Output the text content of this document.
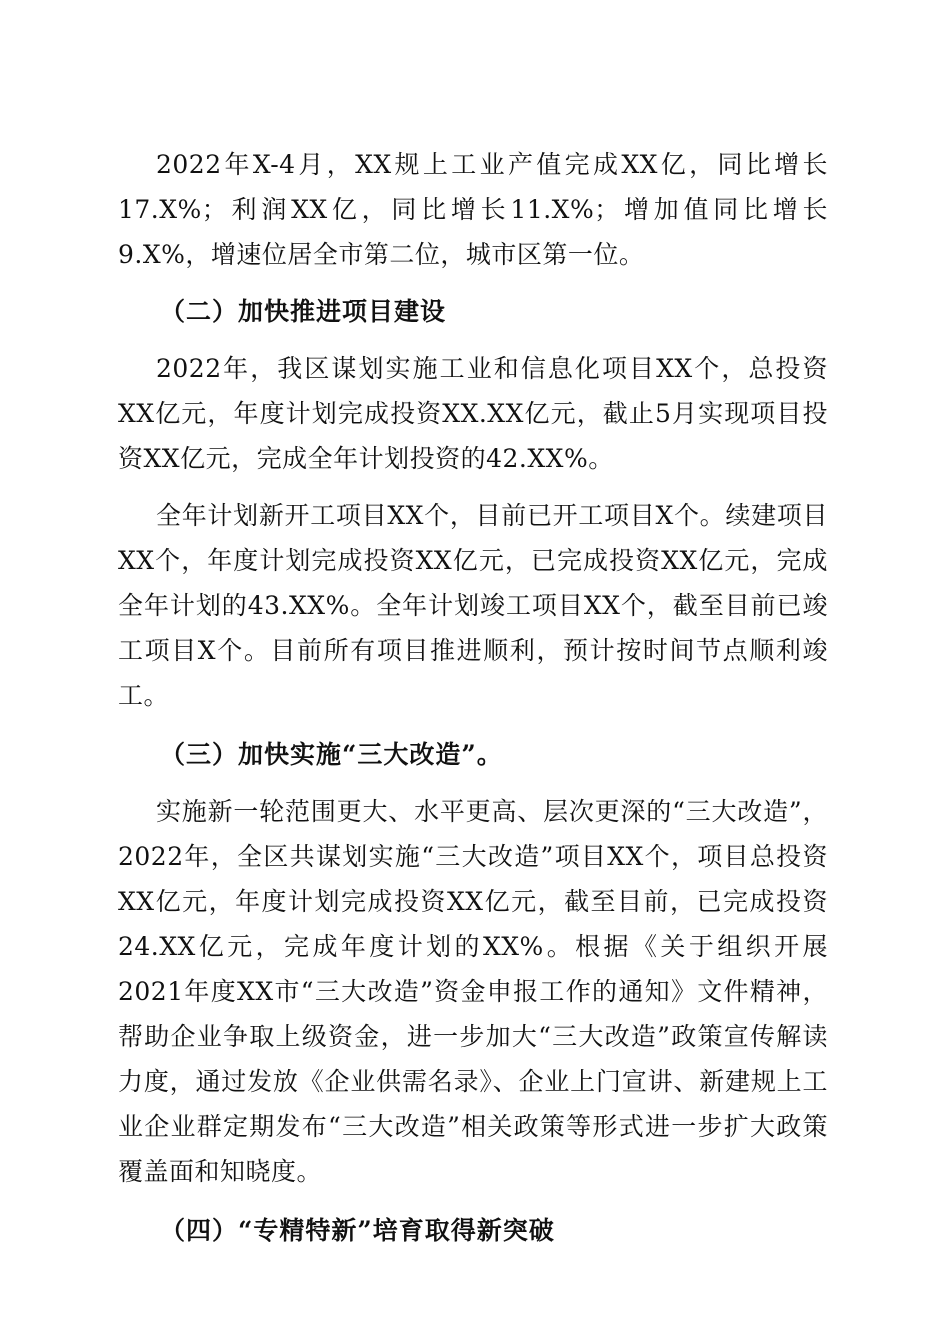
2022年X-4月，XX规上工业产值完成XX亿，同比增长17.X%；利润XX亿，同比增长11.X%；增加值同比增长9.X%，增速位居全市第二位，城市区第一位。

（二）加快推进项目建设

2022年，我区谋划实施工业和信息化项目XX个，总投资XX亿元，年度计划完成投资XX.XX亿元，截止5月实现项目投资XX亿元，完成全年计划投资的42.XX%。

全年计划新开工项目XX个，目前已开工项目X个。续建项目XX个，年度计划完成投资XX亿元，已完成投资XX亿元，完成全年计划的43.XX%。全年计划竣工项目XX个，截至目前已竣工项目X个。目前所有项目推进顺利，预计按时间节点顺利竣工。

（三）加快实施“三大改造”。

实施新一轮范围更大、水平更高、层次更深的“三大改造”，2022年，全区共谋划实施“三大改造”项目XX个，项目总投资XX亿元，年度计划完成投资XX亿元，截至目前，已完成投资24.XX亿元，完成年度计划的XX%。根据《关于组织开展2021年度XX市“三大改造”资金申报工作的通知》文件精神，帮助企业争取上级资金，进一步加大“三大改造”政策宣传解读力度，通过发放《企业供需名录》、企业上门宣讲、新建规上工业企业群定期发布“三大改造”相关政策等形式进一步扩大政策覆盖面和知晓度。

（四）“专精特新”培育取得新突破
